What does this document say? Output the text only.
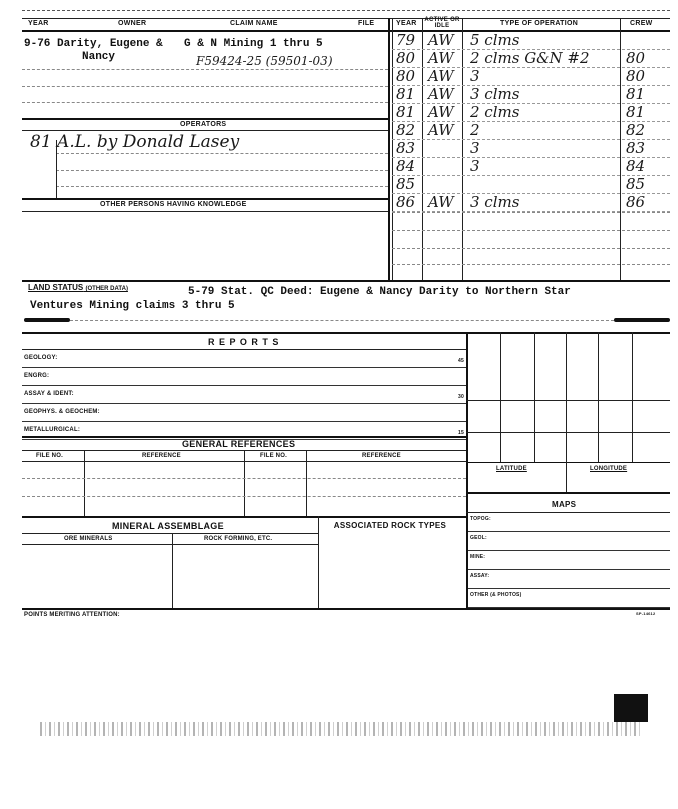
YEAR	OWNER	CLAIM NAME	FILE	YEAR ACTIVE OR IDLE	TYPE OF OPERATION	CREW
9-76 Darity, Eugene &
Nancy
G & N Mining 1 thru 5
F59424-25 (59501-03)
OPERATORS
81 A.L. by Donald Lasey
OTHER PERSONS HAVING KNOWLEDGE
79 AW	5 clms
80 AW	2 clms G&N #2	80
80 AW	3	80
81 AW	3 clms	81
81 AW	2 clms	81
82 AW	2	82
83	3	83
84	3	84
85	85
86 AW	3 clms	86
LAND STATUS (OTHER DATA)	5-79 Stat. QC Deed: Eugene & Nancy Darity to Northern Star
Ventures Mining claims 3 thru 5
R E P O R T S
GEOLOGY:	45
ENGRG:
ASSAY & IDENT:	30
GEOPHYS. & GEOCHEM:
METALLURGICAL:	15
GENERAL REFERENCES
FILE NO.	REFERENCE	FILE NO.	REFERENCE
MINERAL ASSEMBLAGE	ASSOCIATED ROCK TYPES
ORE MINERALS	ROCK FORMING, ETC.
LATITUDE	LONGITUDE
MAPS
TOPOG:
GEOL:
MINE:
ASSAY:
OTHER (& PHOTOS)
POINTS MERITING ATTENTION:	SP-14612
